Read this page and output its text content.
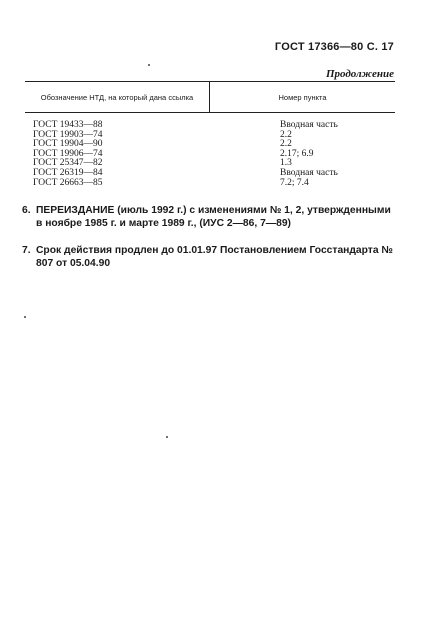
ГОСТ 17366—80 С. 17
Продолжение
Обозначение НТД, на который дана ссылка	Номер пункта
ГОСТ 19433—88
ГОСТ 19903—74
ГОСТ 19904—90
ГОСТ 19906—74
ГОСТ 25347—82
ГОСТ 26319—84
ГОСТ 26663—85
Вводная часть
2.2
2.2
2.17; 6.9
1.3
Вводная часть
7.2; 7.4
6. ПЕРЕИЗДАНИЕ (июль 1992 г.) с изменениями № 1, 2, утвержденными в ноябре 1985 г. и марте 1989 г., (ИУС 2—86, 7—89)
7. Срок действия продлен до 01.01.97 Постановлением Госстандарта № 807 от 05.04.90
